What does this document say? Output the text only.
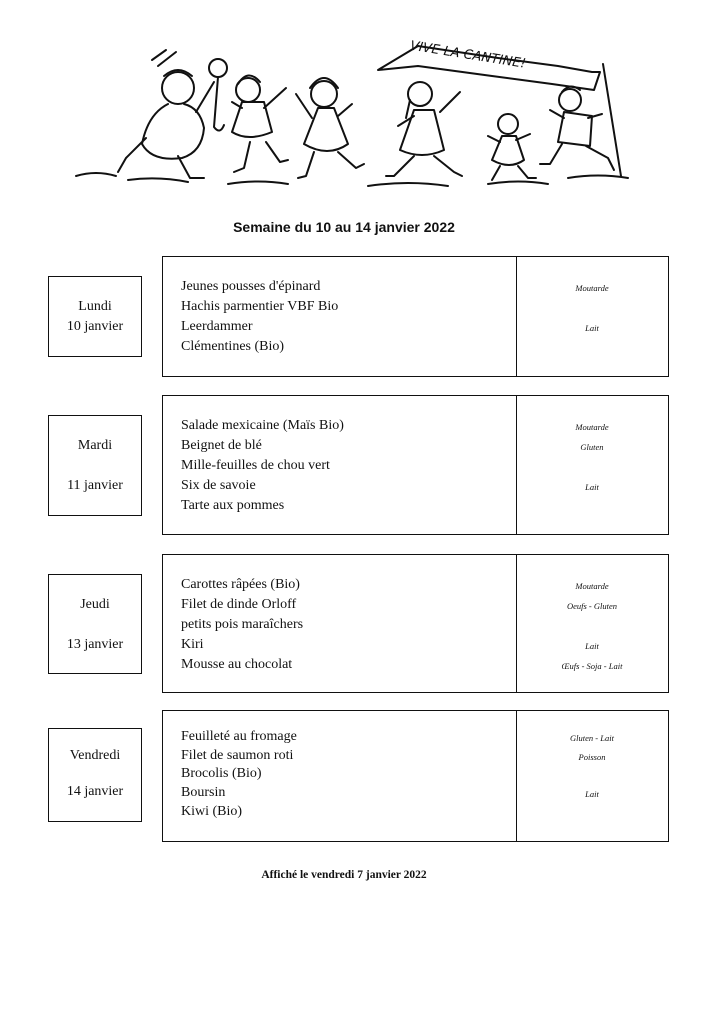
VIVE LA CANTINE!
Semaine du 10 au 14 janvier 2022
Lundi
10 janvier
Jeunes pousses d'épinard
Hachis parmentier VBF Bio
Leerdammer
Clémentines (Bio)
Moutarde
Lait
Mardi
11 janvier
Salade mexicaine (Maïs Bio)
Beignet de blé
Mille-feuilles de chou vert
Six de savoie
Tarte aux pommes
Moutarde
Gluten
Lait
Jeudi
13 janvier
Carottes râpées (Bio)
Filet de dinde Orloff
petits pois maraîchers
Kiri
Mousse au chocolat
Moutarde
Oeufs - Gluten
Lait
Œufs - Soja - Lait
Vendredi
14 janvier
Feuilleté au fromage
Filet de saumon roti
Brocolis (Bio)
Boursin
Kiwi (Bio)
Gluten - Lait
Poisson
Lait
Affiché le vendredi 7 janvier 2022
